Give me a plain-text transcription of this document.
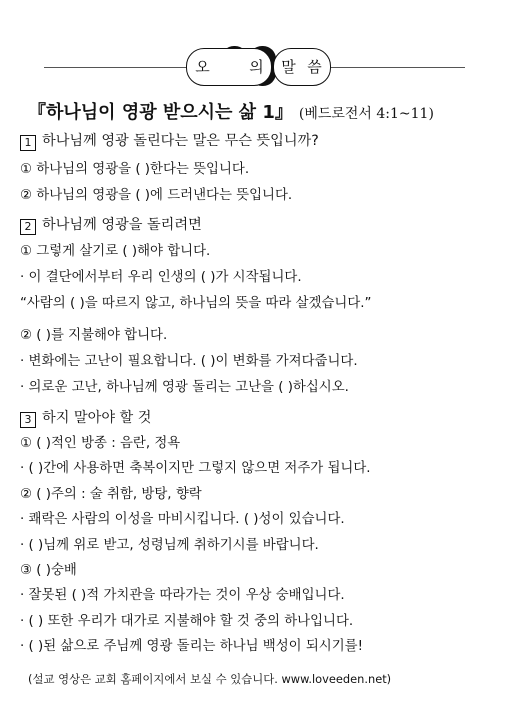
오 늘 의	말 씀
『하나님이 영광 받으시는 삶 1』 (베드로전서 4:1~11)
1 하나님께 영광 돌린다는 말은 무슨 뜻입니까?
① 하나님의 영광을 ( )한다는 뜻입니다.
② 하나님의 영광을 ( )에 드러낸다는 뜻입니다.
2 하나님께 영광을 돌리려면
① 그렇게 살기로 ( )해야 합니다.
· 이 결단에서부터 우리 인생의 ( )가 시작됩니다.
“사람의 ( )을 따르지 않고, 하나님의 뜻을 따라 살겠습니다.”
② ( )를 지불해야 합니다.
· 변화에는 고난이 필요합니다. ( )이 변화를 가져다줍니다.
· 의로운 고난, 하나님께 영광 돌리는 고난을 ( )하십시오.
3 하지 말아야 할 것
① ( )적인 방종 : 음란, 정욕
· ( )간에 사용하면 축복이지만 그렇지 않으면 저주가 됩니다.
② ( )주의 : 술 취함, 방탕, 향락
· 쾌락은 사람의 이성을 마비시킵니다. ( )성이 있습니다.
· ( )님께 위로 받고, 성령님께 취하기시를 바랍니다.
③ ( )숭배
· 잘못된 ( )적 가치관을 따라가는 것이 우상 숭배입니다.
· ( ) 또한 우리가 대가로 지불해야 할 것 중의 하나입니다.
· ( )된 삶으로 주님께 영광 돌리는 하나님 백성이 되시기를!
(설교 영상은 교회 홈페이지에서 보실 수 있습니다. www.loveeden.net)
